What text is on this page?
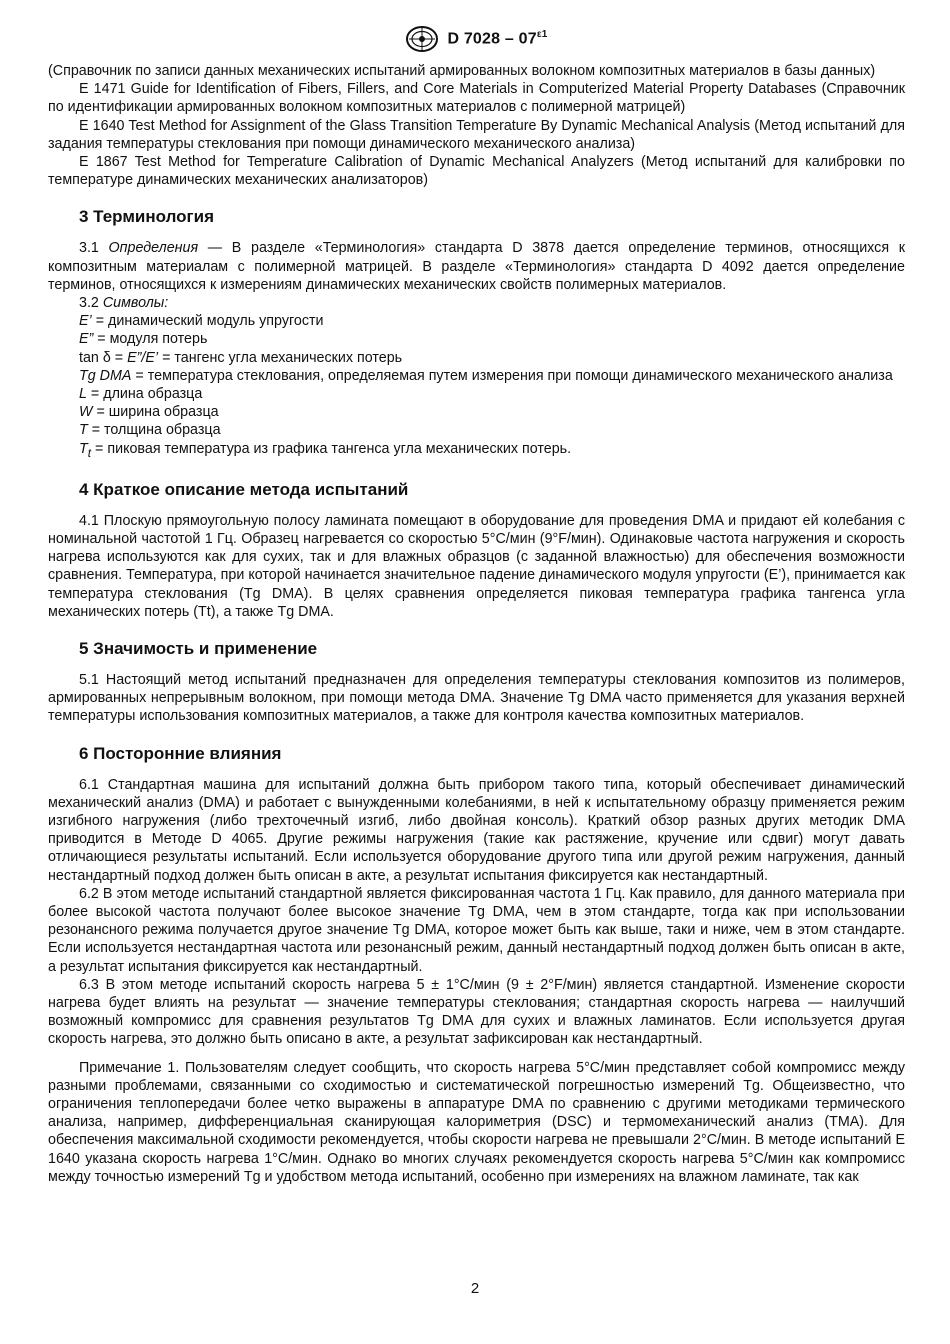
D $7028 - 07^{\varepsilon 1}$

(Справочник по записи данных механических испытаний армированных волокном композитных материалов в базы данных)

E 1471 Guide for Identification of Fibers, Fillers, and Core Materials in Computerized Material Property Databases (Справочник по идентификации армированных волокном композитных материалов с полимерной матрицей)

E 1640 Test Method for Assignment of the Glass Transition Temperature By Dynamic Mechanical Analysis (Метод испытаний для задания температуры стеклования при помощи динамического механического анализа)

E 1867 Test Method for Temperature Calibration of Dynamic Mechanical Analyzers (Метод испытаний для калибровки по температуре динамических механических анализаторов)

3 Терминология

3.1 Определения — В разделе «Терминология» стандарта D 3878 дается определение терминов, относящихся к композитным материалам с полимерной матрицей. В разделе «Терминология» стандарта D 4092 дается определение терминов, относящихся к измерениям динамических механических свойств полимерных материалов.

3.2 Символы:

E’ = динамический модуль упругости

E” = модуля потерь

tan δ = E”/E’ = тангенс угла механических потерь

Tg DMA = температура стеклования, определяемая путем измерения при помощи динамического механического анализа

L = длина образца

W = ширина образца

T = толщина образца

$T_t$ = пиковая температура из графика тангенса угла механических потерь.

4 Краткое описание метода испытаний

4.1 Плоскую прямоугольную полосу ламината помещают в оборудование для проведения DMA и придают ей колебания с номинальной частотой 1 Гц. Образец нагревается со скоростью 5°С/мин (9°F/мин). Одинаковые частота нагружения и скорость нагрева используются как для сухих, так и для влажных образцов (с заданной влажностью) для обеспечения возможности сравнения. Температура, при которой начинается значительное падение динамического модуля упругости (E’), принимается как температура стеклования (Tg DMA). В целях сравнения определяется пиковая температура графика тангенса угла механических потерь (Tt), а также Tg DMA.

5 Значимость и применение

5.1 Настоящий метод испытаний предназначен для определения температуры стеклования композитов из полимеров, армированных непрерывным волокном, при помощи метода DMA. Значение Tg DMA часто применяется для указания верхней температуры использования композитных материалов, а также для контроля качества композитных материалов.

6 Посторонние влияния

6.1 Стандартная машина для испытаний должна быть прибором такого типа, который обеспечивает динамический механический анализ (DMA) и работает с вынужденными колебаниями, в ней к испытательному образцу применяется режим изгибного нагружения (либо трехточечный изгиб, либо двойная консоль). Краткий обзор разных других методик DMA приводится в Методе D 4065. Другие режимы нагружения (такие как растяжение, кручение или сдвиг) могут давать отличающиеся результаты испытаний. Если используется оборудование другого типа или другой режим нагружения, данный нестандартный подход должен быть описан в акте, а результат испытания фиксируется как нестандартный.

6.2 В этом методе испытаний стандартной является фиксированная частота 1 Гц. Как правило, для данного материала при более высокой частота получают более высокое значение Tg DMA, чем в этом стандарте, тогда как при использовании резонансного режима получается другое значение Tg DMA, которое может быть как выше, таки и ниже, чем в этом стандарте. Если используется нестандартная частота или резонансный режим, данный нестандартный подход должен быть описан в акте, а результат испытания фиксируется как нестандартный.

6.3 В этом методе испытаний скорость нагрева 5 ± 1°С/мин (9 ± 2°F/мин) является стандартной. Изменение скорости нагрева будет влиять на результат — значение температуры стеклования; стандартная скорость нагрева — наилучший возможный компромисс для сравнения результатов Tg DMA для сухих и влажных ламинатов. Если используется другая скорость нагрева, это должно быть описано в акте, а результат зафиксирован как нестандартный.

Примечание 1. Пользователям следует сообщить, что скорость нагрева 5°С/мин представляет собой компромисс между разными проблемами, связанными со сходимостью и систематической погрешностью измерений Tg. Общеизвестно, что ограничения теплопередачи более четко выражены в аппаратуре DMA по сравнению с другими методиками термического анализа, например, дифференциальная сканирующая калориметрия (DSC) и термомеханический анализ (TMA). Для обеспечения максимальной сходимости рекомендуется, чтобы скорости нагрева не превышали 2°С/мин. В методе испытаний E 1640 указана скорость нагрева 1°С/мин. Однако во многих случаях рекомендуется скорость нагрева 5°С/мин как компромисс между точностью измерений Tg и удобством метода испытаний, особенно при измерениях на влажном ламинате, так как

2
